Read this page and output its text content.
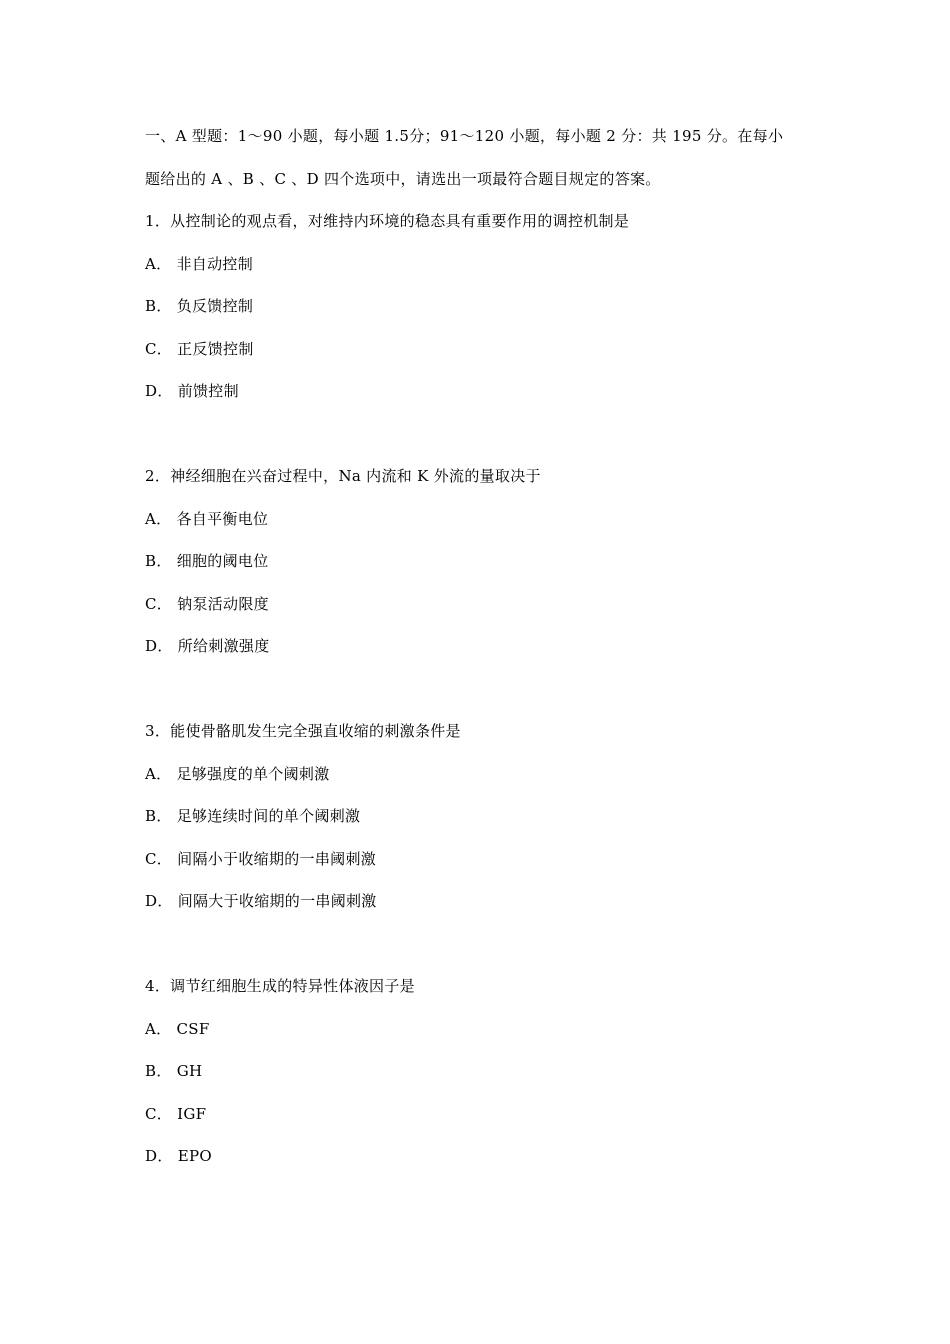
一、A 型题：1～90 小题，每小题 1.5分；91～120 小题，每小题 2 分：共 195 分。在每小
题给出的 A 、B 、C 、D 四个选项中，请选出一项最符合题目规定的答案。
1．从控制论的观点看，对维持内环境的稳态具有重要作用的调控机制是
A． 非自动控制
B． 负反馈控制
C． 正反馈控制
D． 前馈控制
2．神经细胞在兴奋过程中，Na 内流和 K 外流的量取决于
A． 各自平衡电位
B． 细胞的阈电位
C． 钠泵活动限度
D． 所给刺激强度
3．能使骨骼肌发生完全强直收缩的刺激条件是
A． 足够强度的单个阈刺激
B． 足够连续时间的单个阈刺激
C． 间隔小于收缩期的一串阈刺激
D． 间隔大于收缩期的一串阈刺激
4．调节红细胞生成的特异性体液因子是
A． CSF
B． GH
C． IGF
D． EPO
